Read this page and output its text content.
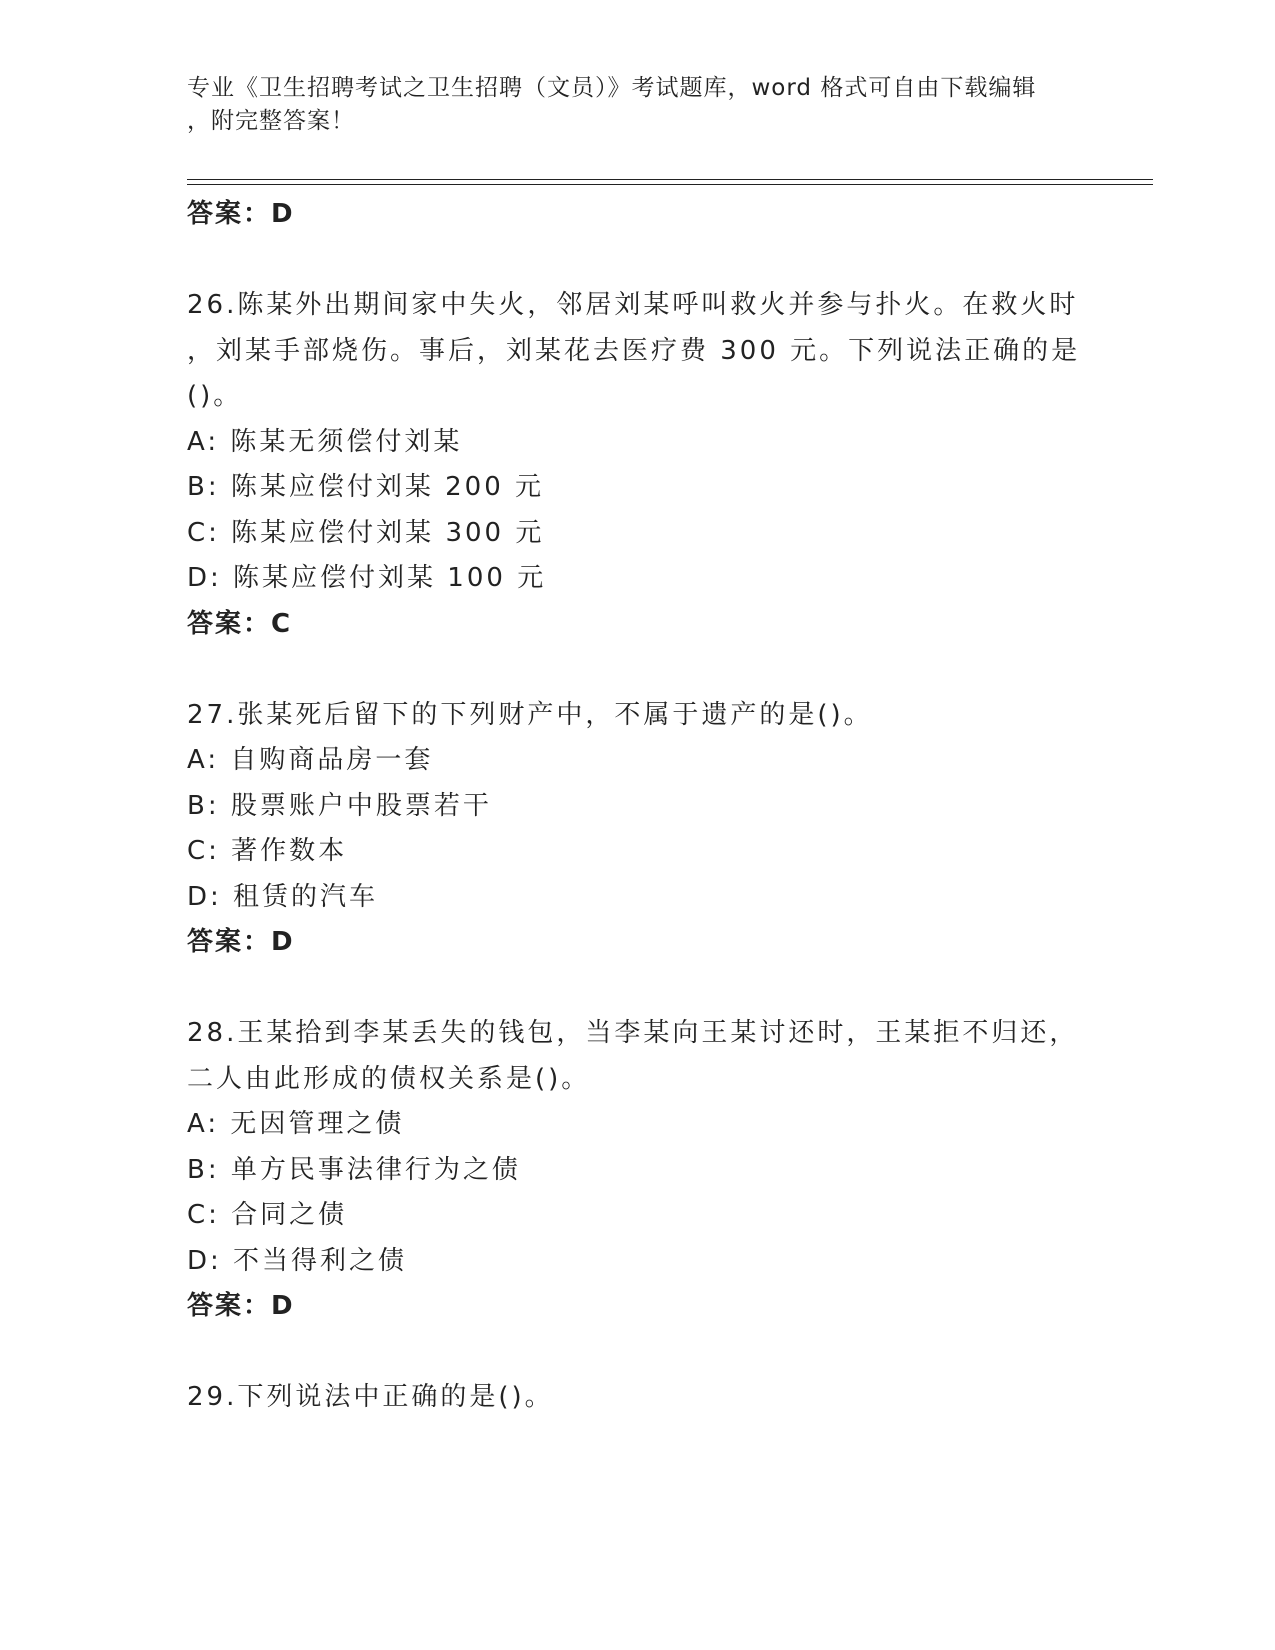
专业《卫生招聘考试之卫生招聘（文员）》考试题库，word 格式可自由下载编辑
，附完整答案！
答案：D
26.陈某外出期间家中失火，邻居刘某呼叫救火并参与扑火。在救火时
，刘某手部烧伤。事后，刘某花去医疗费 300 元。下列说法正确的是
()。
A: 陈某无须偿付刘某
B: 陈某应偿付刘某 200 元
C: 陈某应偿付刘某 300 元
D: 陈某应偿付刘某 100 元
答案：C
27.张某死后留下的下列财产中，不属于遗产的是()。
A: 自购商品房一套
B: 股票账户中股票若干
C: 著作数本
D: 租赁的汽车
答案：D
28.王某拾到李某丢失的钱包，当李某向王某讨还时，王某拒不归还，
二人由此形成的债权关系是()。
A: 无因管理之债
B: 单方民事法律行为之债
C: 合同之债
D: 不当得利之债
答案：D
29.下列说法中正确的是()。
